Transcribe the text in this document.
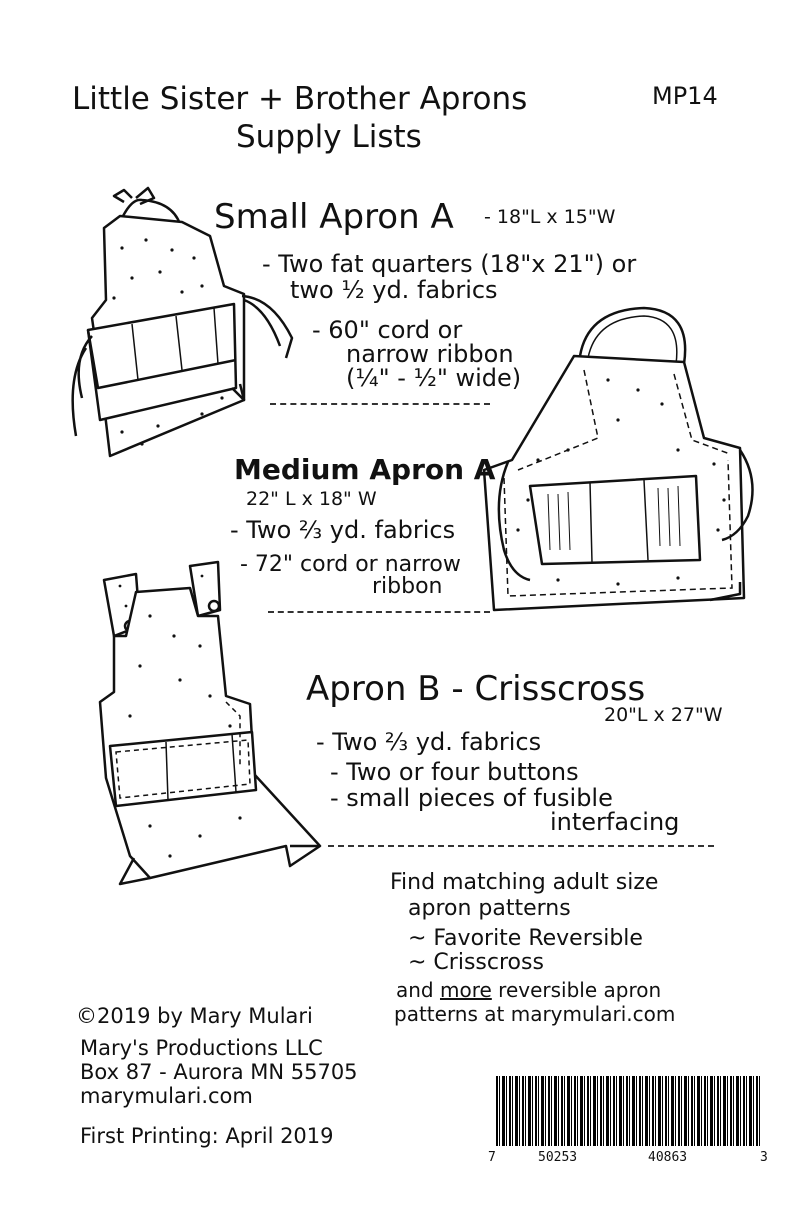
Little Sister + Brother Aprons
Supply Lists
MP14
Small Apron A - 18"L x 15"W
- Two fat quarters (18"x 21") or
two ½ yd. fabrics
- 60" cord or
narrow ribbon
(¼" - ½" wide)
Medium Apron A
22" L x 18" W
- Two ⅔ yd. fabrics
- 72" cord or narrow
ribbon
Apron B - Crisscross
20"L x 27"W
- Two ⅔ yd. fabrics
- Two or four buttons
- small pieces of fusible
interfacing
Find matching adult size
apron patterns
~ Favorite Reversible
~ Crisscross
and more reversible apron
patterns at marymulari.com
©2019 by Mary Mulari
Mary's Productions LLC
Box 87 - Aurora MN 55705
marymulari.com
First Printing: April 2019
7	50253	40863	3
